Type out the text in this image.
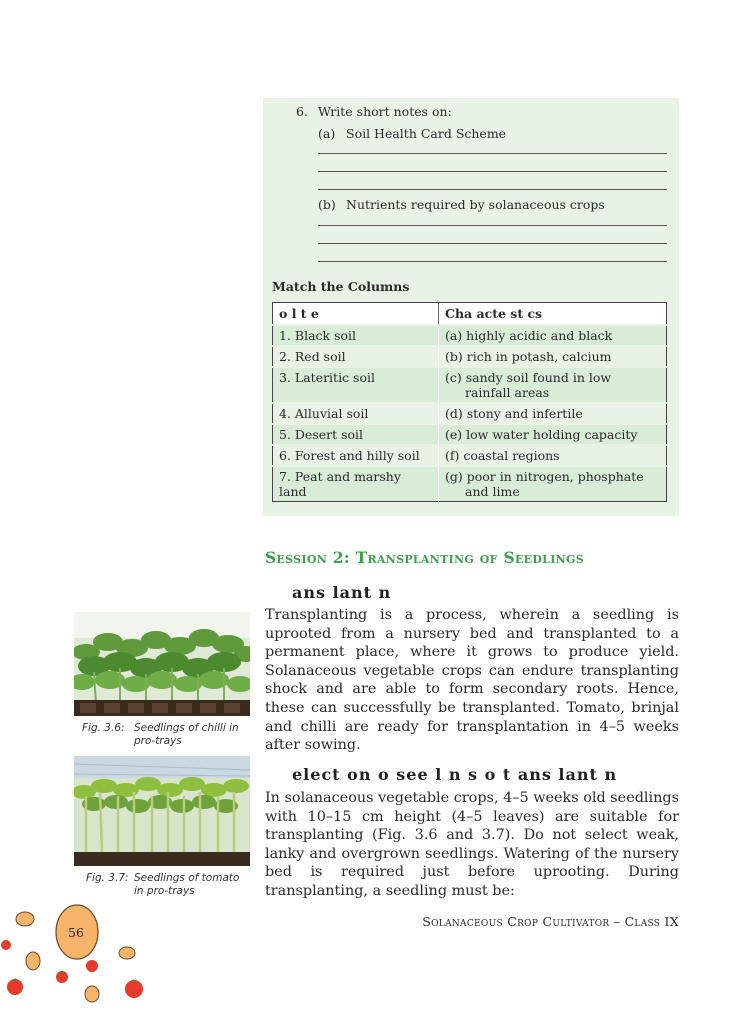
6. Write short notes on:
(a) Soil Health Card Scheme
(b) Nutrients required by solanaceous crops
Match the Columns
o l t e	Cha acte st cs
1. Black soil	(a) highly acidic and black

2. Red soil	(b) rich in potash, calcium

3. Lateritic soil	(c) sandy soil found in low rainfall areas

4. Alluvial soil	(d) stony and infertile

5. Desert soil	(e) low water holding capacity

6. Forest and hilly soil	(f) coastal regions

7. Peat and marshy land	(g) poor in nitrogen, phosphate and lime
Session 2: Transplanting of Seedlings
ans lant n

Transplanting is a process, wherein a seedling is uprooted from a nursery bed and transplanted to a permanent place, where it grows to produce yield. Solanaceous vegetable crops can endure transplanting shock and are able to form secondary roots. Hence, these can successfully be transplanted. Tomato, brinjal and chilli are ready for transplantation in 4–5 weeks after sowing.

elect on o see l n s o t ans lant n

In solanaceous vegetable crops, 4–5 weeks old seedlings with 10–15 cm height (4–5 leaves) are suitable for transplanting (Fig. 3.6 and 3.7). Do not select weak, lanky and overgrown seedlings. Watering of the nursery bed is required just before uprooting. During transplanting, a seedling must be:

Fig. 3.6: Seedlings of chilli in pro-trays
Fig. 3.7: Seedlings of tomato in pro-trays
Solanaceous Crop Cultivator – Class IX
56
